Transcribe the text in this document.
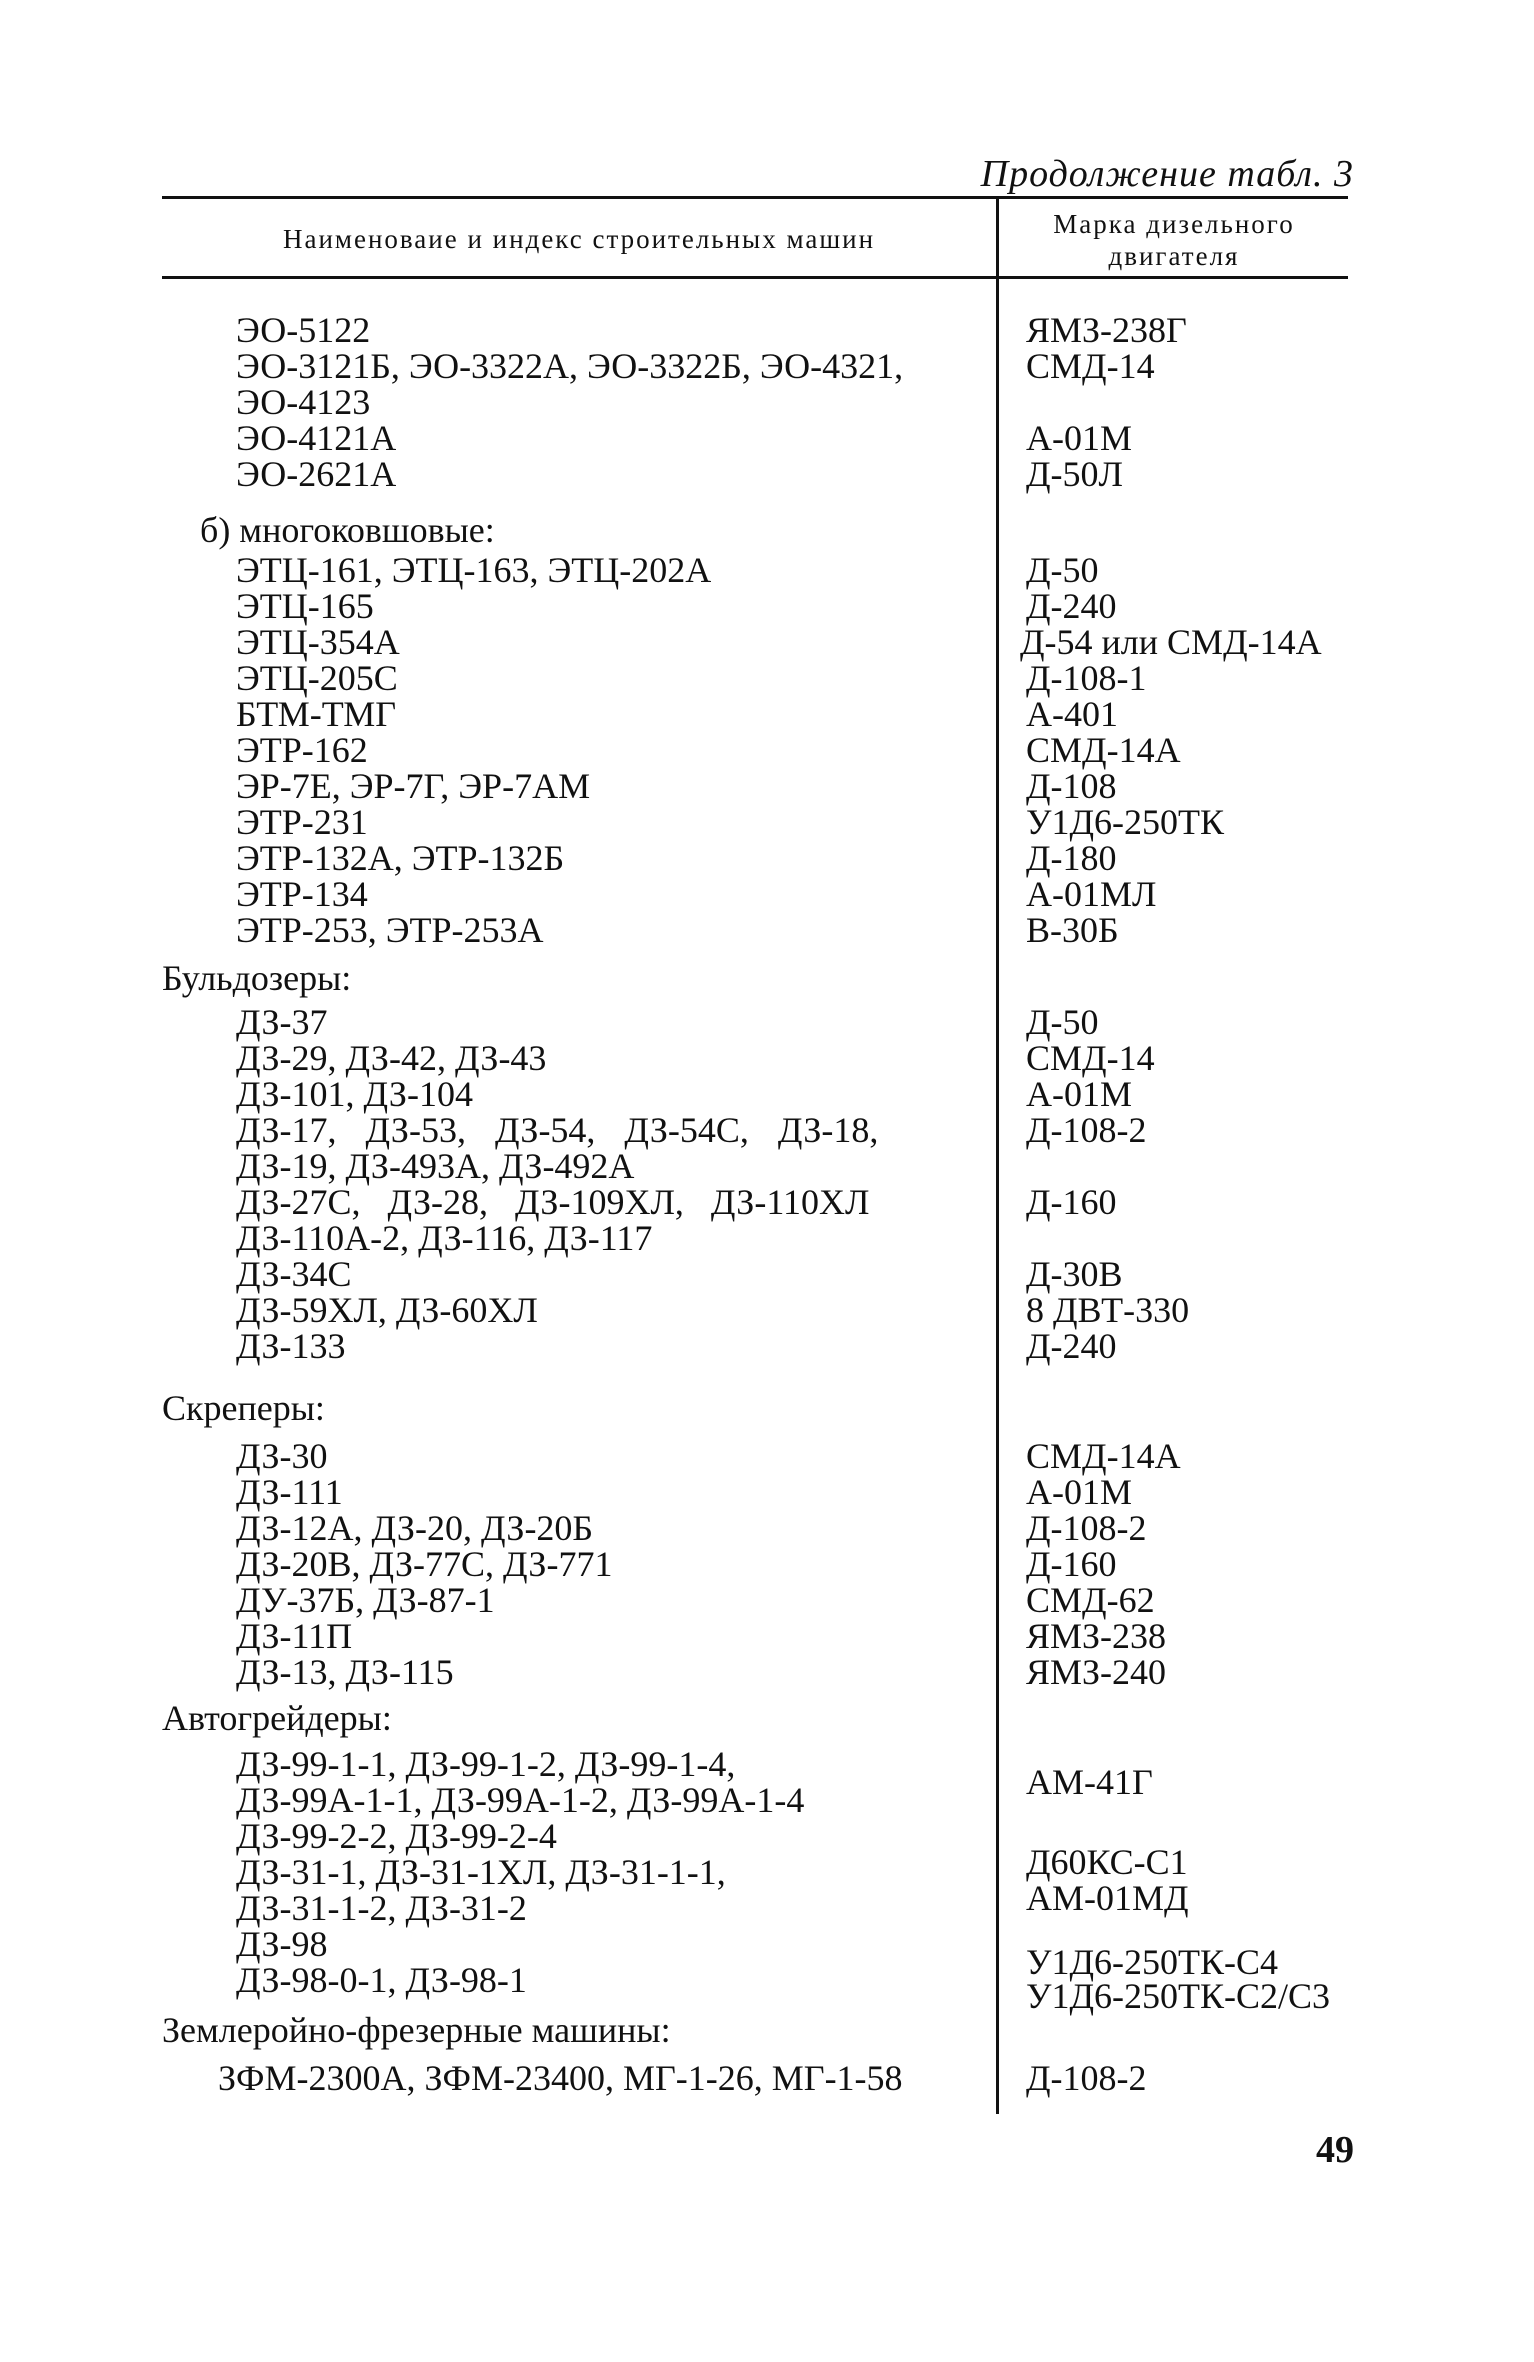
Продолжение табл. 3
Наименоваие и индекс строительных машин	Марка дизельного
двигателя
ЭО-5122	ЯМЗ-238Г
ЭО-3121Б, ЭО-3322А, ЭО-3322Б, ЭО-4321,	СМД-14
ЭО-4123
ЭО-4121А	А-01М
ЭО-2621А	Д-50Л
б) многоковшовые:
ЭТЦ-161, ЭТЦ-163, ЭТЦ-202А	Д-50
ЭТЦ-165	Д-240
ЭТЦ-354А	Д-54 или СМД-14А
ЭТЦ-205С	Д-108-1
БТМ-ТМГ	А-401
ЭТР-162	СМД-14А
ЭР-7Е, ЭР-7Г, ЭР-7АМ	Д-108
ЭТР-231	У1Д6-250ТК
ЭТР-132А, ЭТР-132Б	Д-180
ЭТР-134	А-01МЛ
ЭТР-253, ЭТР-253А	В-30Б
Бульдозеры:
ДЗ-37	Д-50
ДЗ-29, ДЗ-42, ДЗ-43	СМД-14
ДЗ-101, ДЗ-104	А-01М
ДЗ-17, ДЗ-53, ДЗ-54, ДЗ-54С, ДЗ-18,	Д-108-2
ДЗ-19, ДЗ-493А, ДЗ-492А
ДЗ-27С, ДЗ-28, ДЗ-109ХЛ, ДЗ-110ХЛ	Д-160
ДЗ-110А-2, ДЗ-116, ДЗ-117
ДЗ-34С	Д-30В
ДЗ-59ХЛ, ДЗ-60ХЛ	8 ДВТ-330
ДЗ-133	Д-240
Скреперы:
ДЗ-30	СМД-14А
ДЗ-111	А-01М
ДЗ-12А, ДЗ-20, ДЗ-20Б	Д-108-2
ДЗ-20В, ДЗ-77С, ДЗ-771	Д-160
ДУ-37Б, ДЗ-87-1	СМД-62
ДЗ-11П	ЯМЗ-238
ДЗ-13, ДЗ-115	ЯМЗ-240
Автогрейдеры:
ДЗ-99-1-1, ДЗ-99-1-2, ДЗ-99-1-4,
ДЗ-99А-1-1, ДЗ-99А-1-2, ДЗ-99А-1-4	АМ-41Г
ДЗ-99-2-2, ДЗ-99-2-4
ДЗ-31-1, ДЗ-31-1ХЛ, ДЗ-31-1-1,	Д60КС-С1
ДЗ-31-1-2, ДЗ-31-2	АМ-01МД
ДЗ-98	У1Д6-250ТК-С4
ДЗ-98-0-1, ДЗ-98-1	У1Д6-250ТК-С2/С3
Землеройно-фрезерные машины:
ЗФМ-2300А, ЗФМ-23400, МГ-1-26, МГ-1-58	Д-108-2
49
